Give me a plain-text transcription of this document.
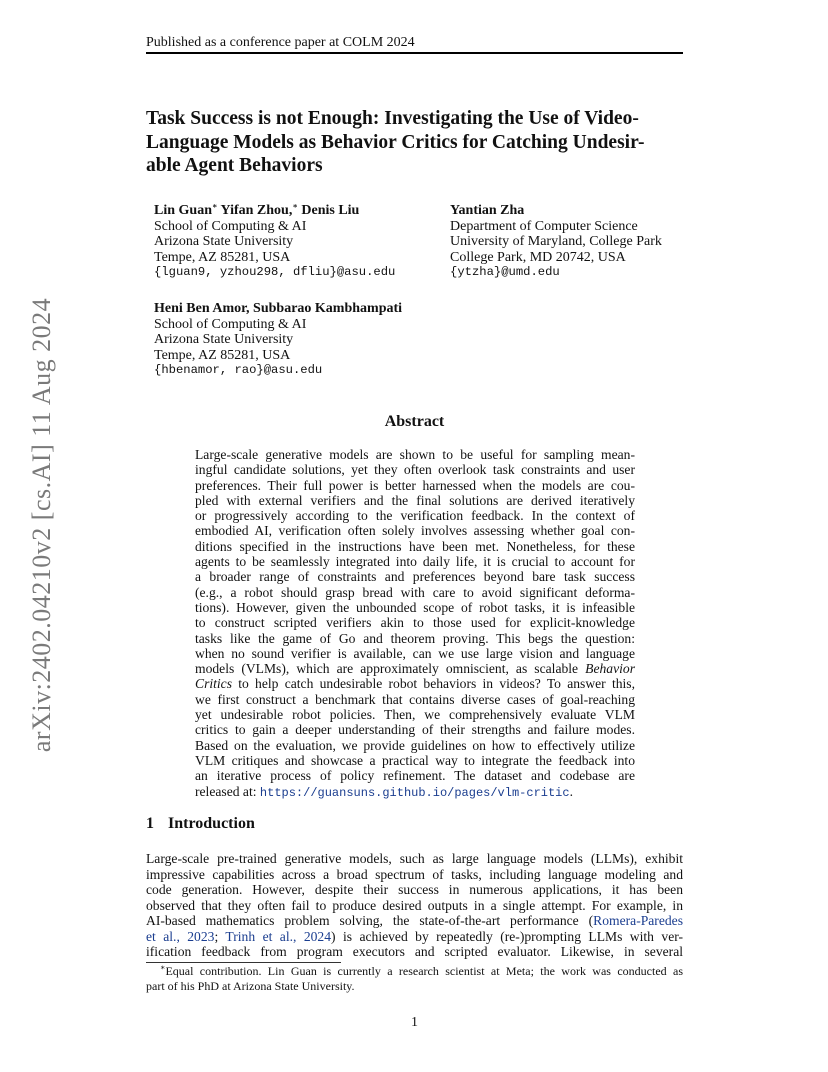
Published as a conference paper at COLM 2024
arXiv:2402.04210v2 [cs.AI] 11 Aug 2024
Task Success is not Enough: Investigating the Use of Video-
Language Models as Behavior Critics for Catching Undesir-
able Agent Behaviors
Lin Guan∗ Yifan Zhou,∗ Denis Liu
School of Computing & AI
Arizona State University
Tempe, AZ 85281, USA
{lguan9, yzhou298, dfliu}@asu.edu
Yantian Zha
Department of Computer Science
University of Maryland, College Park
College Park, MD 20742, USA
{ytzha}@umd.edu
Heni Ben Amor, Subbarao Kambhampati
School of Computing & AI
Arizona State University
Tempe, AZ 85281, USA
{hbenamor, rao}@asu.edu
Abstract
Large-scale generative models are shown to be useful for sampling mean-
ingful candidate solutions, yet they often overlook task constraints and user
preferences. Their full power is better harnessed when the models are cou-
pled with external verifiers and the final solutions are derived iteratively
or progressively according to the verification feedback. In the context of
embodied AI, verification often solely involves assessing whether goal con-
ditions specified in the instructions have been met. Nonetheless, for these
agents to be seamlessly integrated into daily life, it is crucial to account for
a broader range of constraints and preferences beyond bare task success
(e.g., a robot should grasp bread with care to avoid significant deforma-
tions). However, given the unbounded scope of robot tasks, it is infeasible
to construct scripted verifiers akin to those used for explicit-knowledge
tasks like the game of Go and theorem proving. This begs the question:
when no sound verifier is available, can we use large vision and language
models (VLMs), which are approximately omniscient, as scalable Behavior
Critics to help catch undesirable robot behaviors in videos? To answer this,
we first construct a benchmark that contains diverse cases of goal-reaching
yet undesirable robot policies. Then, we comprehensively evaluate VLM
critics to gain a deeper understanding of their strengths and failure modes.
Based on the evaluation, we provide guidelines on how to effectively utilize
VLM critiques and showcase a practical way to integrate the feedback into
an iterative process of policy refinement. The dataset and codebase are
released at: https://guansuns.github.io/pages/vlm-critic.
1 Introduction
Large-scale pre-trained generative models, such as large language models (LLMs), exhibit
impressive capabilities across a broad spectrum of tasks, including language modeling and
code generation. However, despite their success in numerous applications, it has been
observed that they often fail to produce desired outputs in a single attempt. For example, in
AI-based mathematics problem solving, the state-of-the-art performance (Romera-Paredes
et al., 2023; Trinh et al., 2024) is achieved by repeatedly (re-)prompting LLMs with ver-
ification feedback from program executors and scripted evaluator. Likewise, in several
∗Equal contribution. Lin Guan is currently a research scientist at Meta; the work was conducted as
part of his PhD at Arizona State University.
1
